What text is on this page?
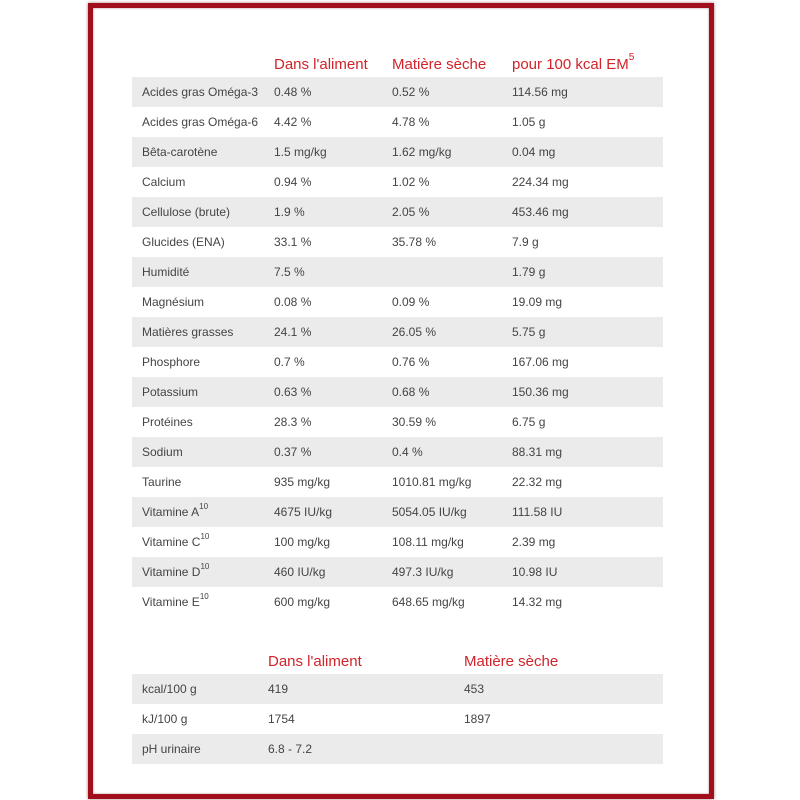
	Dans l'aliment	Matière sèche	pour 100 kcal $EM^5$
Acides gras Oméga-3	0.48 %	0.52 %	114.56 mg
Acides gras Oméga-6	4.42 %	4.78 %	1.05 g
Bêta-carotène	1.5 mg/kg	1.62 mg/kg	0.04 mg
Calcium	0.94 %	1.02 %	224.34 mg
Cellulose (brute)	1.9 %	2.05 %	453.46 mg
Glucides (ENA)	33.1 %	35.78 %	7.9 g
Humidité	7.5 %		1.79 g
Magnésium	0.08 %	0.09 %	19.09 mg
Matières grasses	24.1 %	26.05 %	5.75 g
Phosphore	0.7 %	0.76 %	167.06 mg
Potassium	0.63 %	0.68 %	150.36 mg
Protéines	28.3 %	30.59 %	6.75 g
Sodium	0.37 %	0.4 %	88.31 mg
Taurine	935 mg/kg	1010.81 mg/kg	22.32 mg
Vitamine $A^{10}$	4675 IU/kg	5054.05 IU/kg	111.58 IU
Vitamine $C^{10}$	100 mg/kg	108.11 mg/kg	2.39 mg
Vitamine $D^{10}$	460 IU/kg	497.3 IU/kg	10.98 IU
Vitamine $E^{10}$	600 mg/kg	648.65 mg/kg	14.32 mg
	Dans l'aliment	Matière sèche
kcal/100 g	419	453
kJ/100 g	1754	1897
pH urinaire	6.8 - 7.2	
